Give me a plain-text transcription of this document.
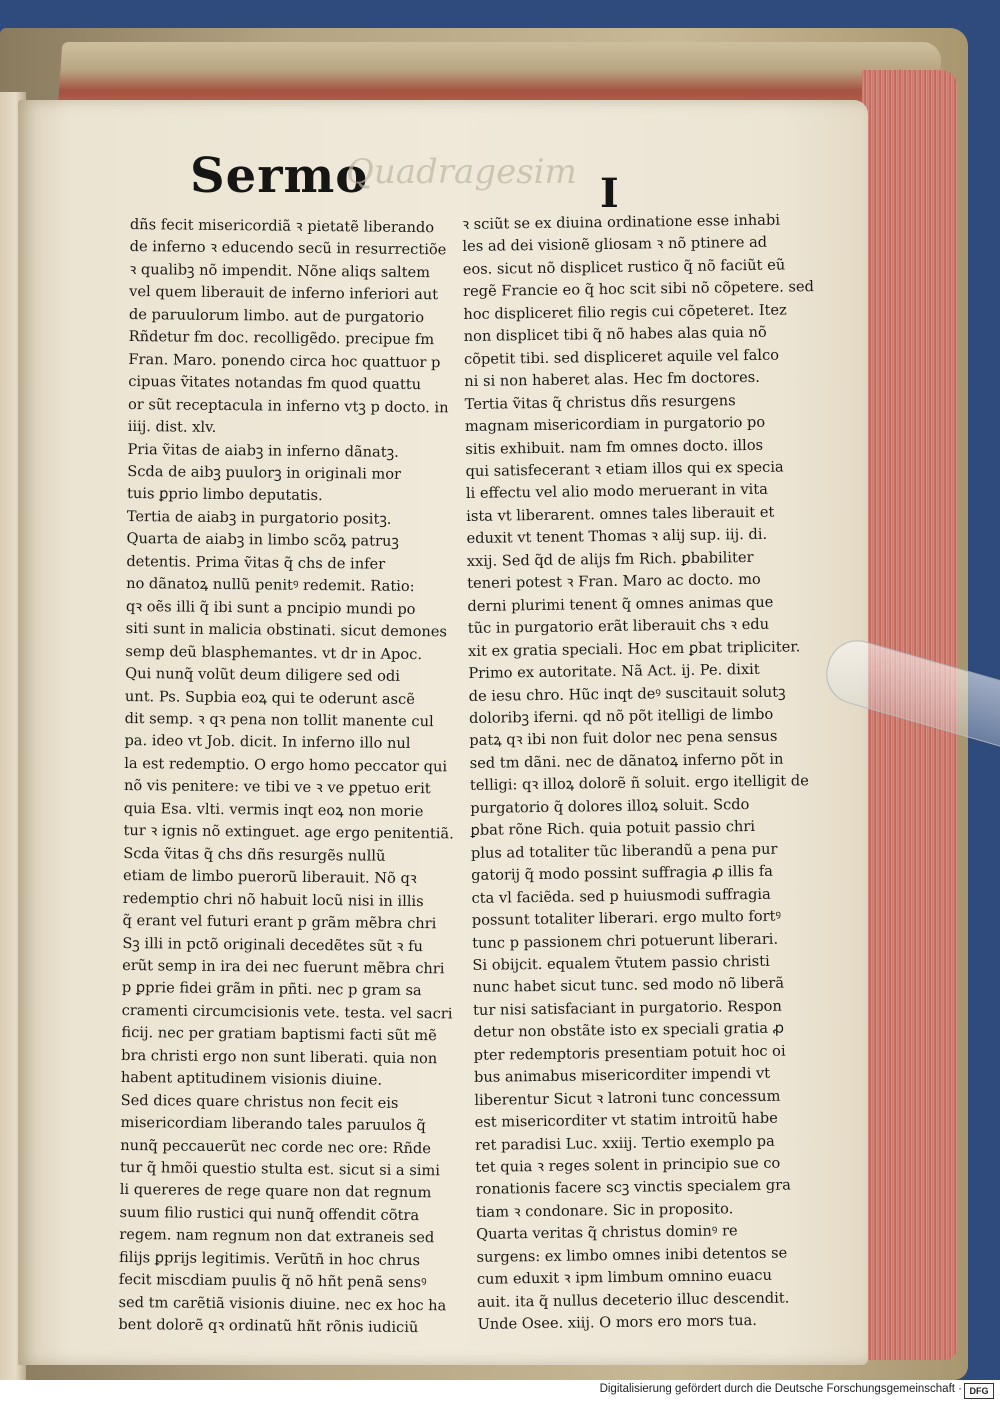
Sermo
Quadragesim I
dñs fecit misericordiã ꝛ pietatẽ liberando
de inferno ꝛ educendo secũ in resurrectiõe
ꝛ qualibꝫ nõ impendit. Nõne aliqs saltem
vel quem liberauit de inferno inferiori aut
de paruulorum limbo. aut de purgatorio
Rñdetur fm doc. recolligẽdo. precipue fm
Fran. Maro. ponendo circa hoc quattuor p
cipuas ṽitates notandas fm quod quattu
or sũt receptacula in inferno vtꝫ p docto. in
iiij. dist. xlv.
Pria ṽitas de aiabꝫ in inferno dãnatꝫ.
Scda de aibꝫ puulorꝫ in originali mor
tuis ꝑprio limbo deputatis.
Tertia de aiabꝫ in purgatorio positꝫ.
Quarta de aiabꝫ in limbo scõꝝ patruꝫ
detentis. Prima ṽitas q̃ chs de infer
no dãnatoꝝ nullũ penitꝰ redemit. Ratio:
qꝛ oẽs illi q̃ ibi sunt a pncipio mundi po
siti sunt in malicia obstinati. sicut demones
semp deũ blasphemantes. vt dr in Apoc.
Qui nunq̃ volũt deum diligere sed odi
unt. Ps. Supbia eoꝝ qui te oderunt ascẽ
dit semp. ꝛ qꝛ pena non tollit manente cul
pa. ideo vt Job. dicit. In inferno illo nul
la est redemptio. O ergo homo peccator qui
nõ vis penitere: ve tibi ve ꝛ ve ꝑpetuo erit
quia Esa. vlti. vermis inqt eoꝝ non morie
tur ꝛ ignis nõ extinguet. age ergo penitentiã.
Scda ṽitas q̃ chs dñs resurgẽs nullũ
etiam de limbo puerorũ liberauit. Nõ qꝛ
redemptio chri nõ habuit locũ nisi in illis
q̃ erant vel futuri erant p grãm mẽbra chri
Sꝫ illi in pctõ originali decedẽtes sũt ꝛ fu
erũt semp in ira dei nec fuerunt mẽbra chri
p ꝑprie fidei grãm in pñti. nec p gram sa
cramenti circumcisionis vete. testa. vel sacri
ficij. nec per gratiam baptismi facti sũt mẽ
bra christi ergo non sunt liberati. quia non
habent aptitudinem visionis diuine.
Sed dices quare christus non fecit eis
misericordiam liberando tales paruulos q̃
nunq̃ peccauerũt nec corde nec ore: Rñde
tur q̃ hmõi questio stulta est. sicut si a simi
li quereres de rege quare non dat regnum
suum filio rustici qui nunq̃ offendit cõtra
regem. nam regnum non dat extraneis sed
filijs ꝑprijs legitimis. Verũtñ in hoc chrus
fecit miscdiam puulis q̃ nõ hñt penã sensꝰ
sed tm carẽtiã visionis diuine. nec ex hoc ha
bent dolorẽ qꝛ ordinatũ hñt rõnis iudiciũ
ꝛ sciũt se ex diuina ordinatione esse inhabi
les ad dei visionẽ gliosam ꝛ nõ ptinere ad
eos. sicut nõ displicet rustico q̃ nõ faciũt eũ
regẽ Francie eo q̃ hoc scit sibi nõ cõpetere. sed
hoc displiceret filio regis cui cõpeteret. Itez
non displicet tibi q̃ nõ habes alas quia nõ
cõpetit tibi. sed displiceret aquile vel falco
ni si non haberet alas. Hec fm doctores.
Tertia ṽitas q̃ christus dñs resurgens
magnam misericordiam in purgatorio po
sitis exhibuit. nam fm omnes docto. illos
qui satisfecerant ꝛ etiam illos qui ex specia
li effectu vel alio modo meruerant in vita
ista vt liberarent. omnes tales liberauit et
eduxit vt tenent Thomas ꝛ alij sup. iij. di.
xxij. Sed q̃d de alijs fm Rich. ꝑbabiliter
teneri potest ꝛ Fran. Maro ac docto. mo
derni plurimi tenent q̃ omnes animas que
tũc in purgatorio erãt liberauit chs ꝛ edu
xit ex gratia speciali. Hoc em ꝑbat tripliciter.
Primo ex autoritate. Nã Act. ij. Pe. dixit
de iesu chro. Hũc inqt deꝰ suscitauit solutꝫ
doloribꝫ iferni. qd nõ põt itelligi de limbo
patꝝ qꝛ ibi non fuit dolor nec pena sensus
sed tm dãni. nec de dãnatoꝝ inferno põt in
telligi: qꝛ illoꝝ dolorẽ ñ soluit. ergo itelligit de
purgatorio q̃ dolores illoꝝ soluit. Scdo
ꝑbat rõne Rich. quia potuit passio chri
plus ad totaliter tũc liberandũ a pena pur
gatorij q̃ modo possint suffragia ꝓ illis fa
cta vl faciẽda. sed p huiusmodi suffragia
possunt totaliter liberari. ergo multo fortꝰ
tunc p passionem chri potuerunt liberari.
Si obijcit. equalem ṽtutem passio christi
nunc habet sicut tunc. sed modo nõ liberã
tur nisi satisfaciant in purgatorio. Respon
detur non obstãte isto ex speciali gratia ꝓ
pter redemptoris presentiam potuit hoc oi
bus animabus misericorditer impendi vt
liberentur Sicut ꝛ latroni tunc concessum
est misericorditer vt statim introitũ habe
ret paradisi Luc. xxiij. Tertio exemplo pa
tet quia ꝛ reges solent in principio sue co
ronationis facere scꝫ vinctis specialem gra
tiam ꝛ condonare. Sic in proposito.
Quarta veritas q̃ christus dominꝰ re
surgens: ex limbo omnes inibi detentos se
cum eduxit ꝛ ipm limbum omnino euacu
auit. ita q̃ nullus deceterio illuc descendit.
Unde Osee. xiij. O mors ero mors tua.
Digitalisierung gefördert durch die Deutsche Forschungsgemeinschaft · DFG
